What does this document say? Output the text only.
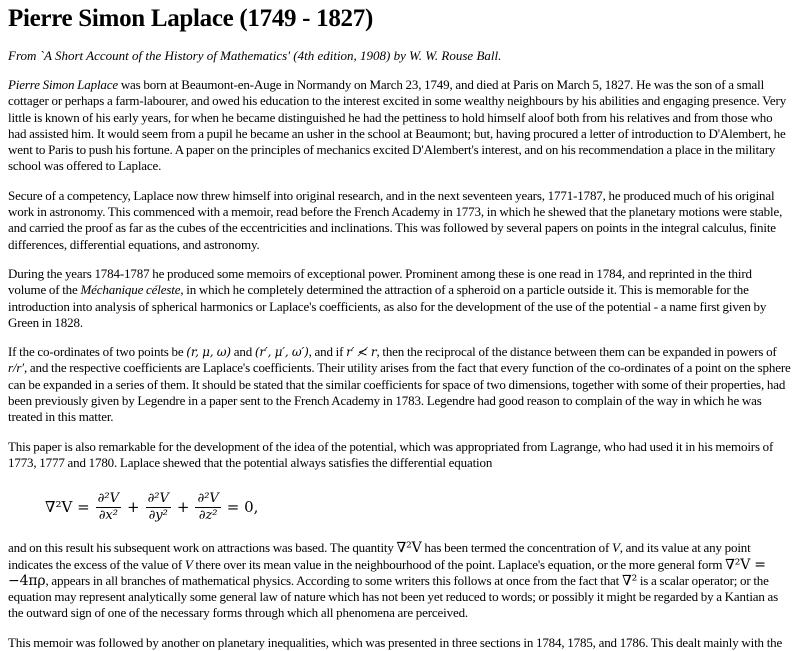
Pierre Simon Laplace (1749 - 1827)
From `A Short Account of the History of Mathematics' (4th edition, 1908) by W. W. Rouse Ball.

Pierre Simon Laplace was born at Beaumont-en-Auge in Normandy on March 23, 1749, and died at Paris on March 5, 1827. He was the son of a small cottager or perhaps a farm-labourer, and owed his education to the interest excited in some wealthy neighbours by his abilities and engaging presence. Very little is known of his early years, for when he became distinguished he had the pettiness to hold himself aloof both from his relatives and from those who had assisted him. It would seem from a pupil he became an usher in the school at Beaumont; but, having procured a letter of introduction to D'Alembert, he went to Paris to push his fortune. A paper on the principles of mechanics excited D'Alembert's interest, and on his recommendation a place in the military school was offered to Laplace.

Secure of a competency, Laplace now threw himself into original research, and in the next seventeen years, 1771-1787, he produced much of his original work in astronomy. This commenced with a memoir, read before the French Academy in 1773, in which he shewed that the planetary motions were stable, and carried the proof as far as the cubes of the eccentricities and inclinations. This was followed by several papers on points in the integral calculus, finite differences, differential equations, and astronomy.

During the years 1784-1787 he produced some memoirs of exceptional power. Prominent among these is one read in 1784, and reprinted in the third volume of the Méchanique céleste, in which he completely determined the attraction of a spheroid on a particle outside it. This is memorable for the introduction into analysis of spherical harmonics or Laplace's coefficients, as also for the development of the use of the potential - a name first given by Green in 1828.

If the co-ordinates of two points be (r, μ, ω) and (r′, μ′, ω′), and if r′ ≮ r, then the reciprocal of the distance between them can be expanded in powers of r/r′, and the respective coefficients are Laplace's coefficients. Their utility arises from the fact that every function of the co-ordinates of a point on the sphere can be expanded in a series of them. It should be stated that the similar coefficients for space of two dimensions, together with some of their properties, had been previously given by Legendre in a paper sent to the French Academy in 1783. Legendre had good reason to complain of the way in which he was treated in this matter.

This paper is also remarkable for the development of the idea of the potential, which was appropriated from Lagrange, who had used it in his memoirs of 1773, 1777 and 1780. Laplace shewed that the potential always satisfies the differential equation

$\nabla^2V = \frac{\text{∂²V}}{\text{∂x²}} + \frac{\text{∂²V}}{\text{∂y²}} + \frac{\text{∂²V}}{\text{∂z²}} = 0$,

and on this result his subsequent work on attractions was based. The quantity ∇²V has been termed the concentration of V, and its value at any point indicates the excess of the value of V there over its mean value in the neighbourhood of the point. Laplace's equation, or the more general form ∇²V = −4πρ, appears in all branches of mathematical physics. According to some writers this follows at once from the fact that ∇² is a scalar operator; or the equation may represent analytically some general law of nature which has not been yet reduced to words; or possibly it might be regarded by a Kantian as the outward sign of one of the necessary forms through which all phenomena are perceived.

This memoir was followed by another on planetary inequalities, which was presented in three sections in 1784, 1785, and 1786. This dealt mainly with the
